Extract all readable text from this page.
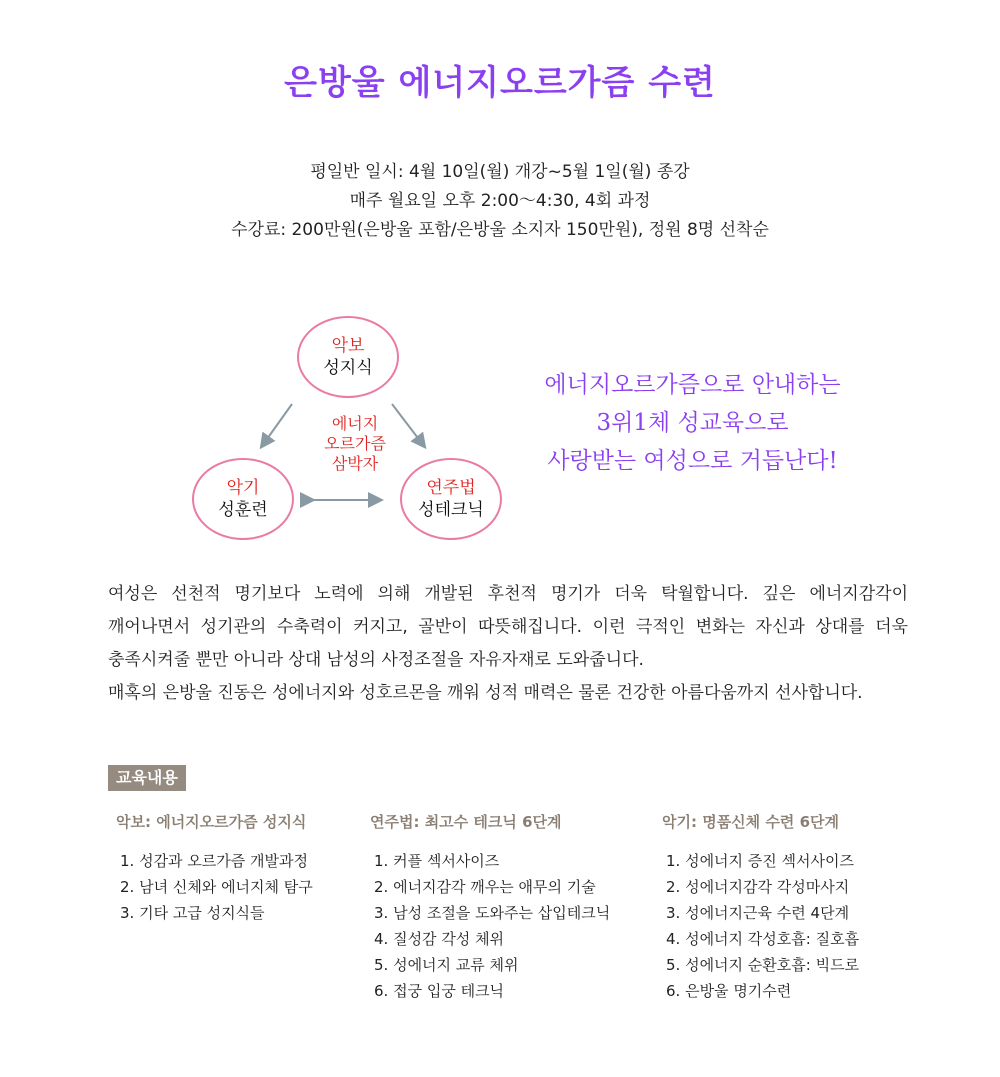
은방울 에너지오르가즘 수련
평일반 일시: 4월 10일(월) 개강~5월 1일(월) 종강
매주 월요일 오후 2:00～4:30, 4회 과정
수강료: 200만원(은방울 포함/은방울 소지자 150만원), 정원 8명 선착순
악보
성지식
악기
성훈련
연주법
성테크닉
에너지
오르가즘
삼박자
에너지오르가즘으로 안내하는
3위1체 성교육으로
사랑받는 여성으로 거듭난다!

여성은 선천적 명기보다 노력에 의해 개발된 후천적 명기가 더욱 탁월합니다. 깊은 에너지감각이

깨어나면서 성기관의 수축력이 커지고, 골반이 따뜻해집니다. 이런 극적인 변화는 자신과 상대를 더욱

충족시켜줄 뿐만 아니라 상대 남성의 사정조절을 자유자재로 도와줍니다.

매혹의 은방울 진동은 성에너지와 성호르몬을 깨워 성적 매력은 물론 건강한 아름다움까지 선사합니다.

교육내용
악보: 에너지오르가즘 성지식
1. 성감과 오르가즘 개발과정
2. 남녀 신체와 에너지체 탐구
3. 기타 고급 성지식들
연주법: 최고수 테크닉 6단계
1. 커플 섹서사이즈
2. 에너지감각 깨우는 애무의 기술
3. 남성 조절을 도와주는 삽입테크닉
4. 질성감 각성 체위
5. 성에너지 교류 체위
6. 접궁 입궁 테크닉
악기: 명품신체 수련 6단계
1. 성에너지 증진 섹서사이즈
2. 성에너지감각 각성마사지
3. 성에너지근육 수련 4단계
4. 성에너지 각성호흡: 질호흡
5. 성에너지 순환호흡: 빅드로
6. 은방울 명기수련
